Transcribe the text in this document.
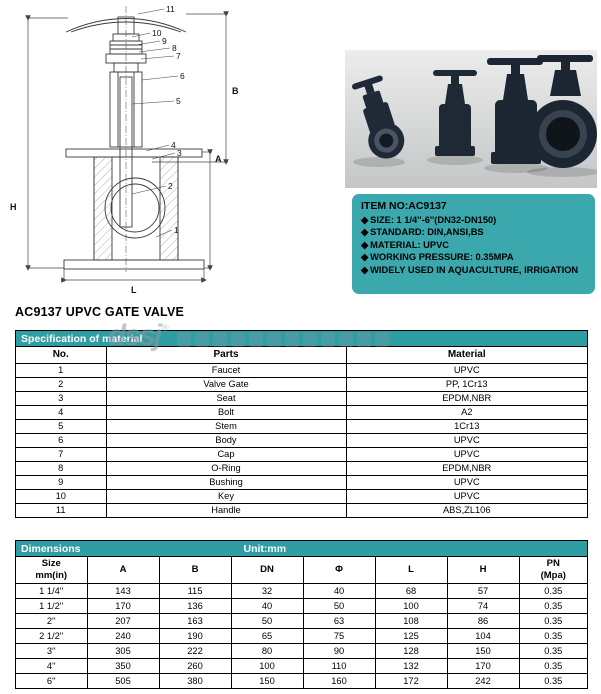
H
L
B
A
11
10
9
8
7
6
5
4
3
2
1
ITEM NO:AC9137
◆ SIZE: 1 1/4''-6''(DN32-DN150)
◆ STANDARD: DIN,ANSI,BS
◆ MATERIAL: UPVC
◆ WORKING PRESSURE: 0.35MPA
◆ WIDELY USED IN AQUACULTURE, IRRIGATION
AC9137 UPVC GATE VALVE
dssj ®
Specification of material
No.	Parts	Material
1	Faucet	UPVC
2	Valve Gate	PP, 1Cr13
3	Seat	EPDM,NBR
4	Bolt	A2
5	Stem	1Cr13
6	Body	UPVC
7	Cap	UPVC
8	O-Ring	EPDM,NBR
9	Bushing	UPVC
10	Key	UPVC
11	Handle	ABS,ZL106
Dimensions	Unit:mm
Size
mm(in)	A	B	DN	Φ	L	H	PN
(Mpa)
1 1/4''	143	115	32	40	68	57	0.35
1 1/2''	170	136	40	50	100	74	0.35
2''	207	163	50	63	108	86	0.35
2 1/2''	240	190	65	75	125	104	0.35
3''	305	222	80	90	128	150	0.35
4''	350	260	100	110	132	170	0.35
6''	505	380	150	160	172	242	0.35
